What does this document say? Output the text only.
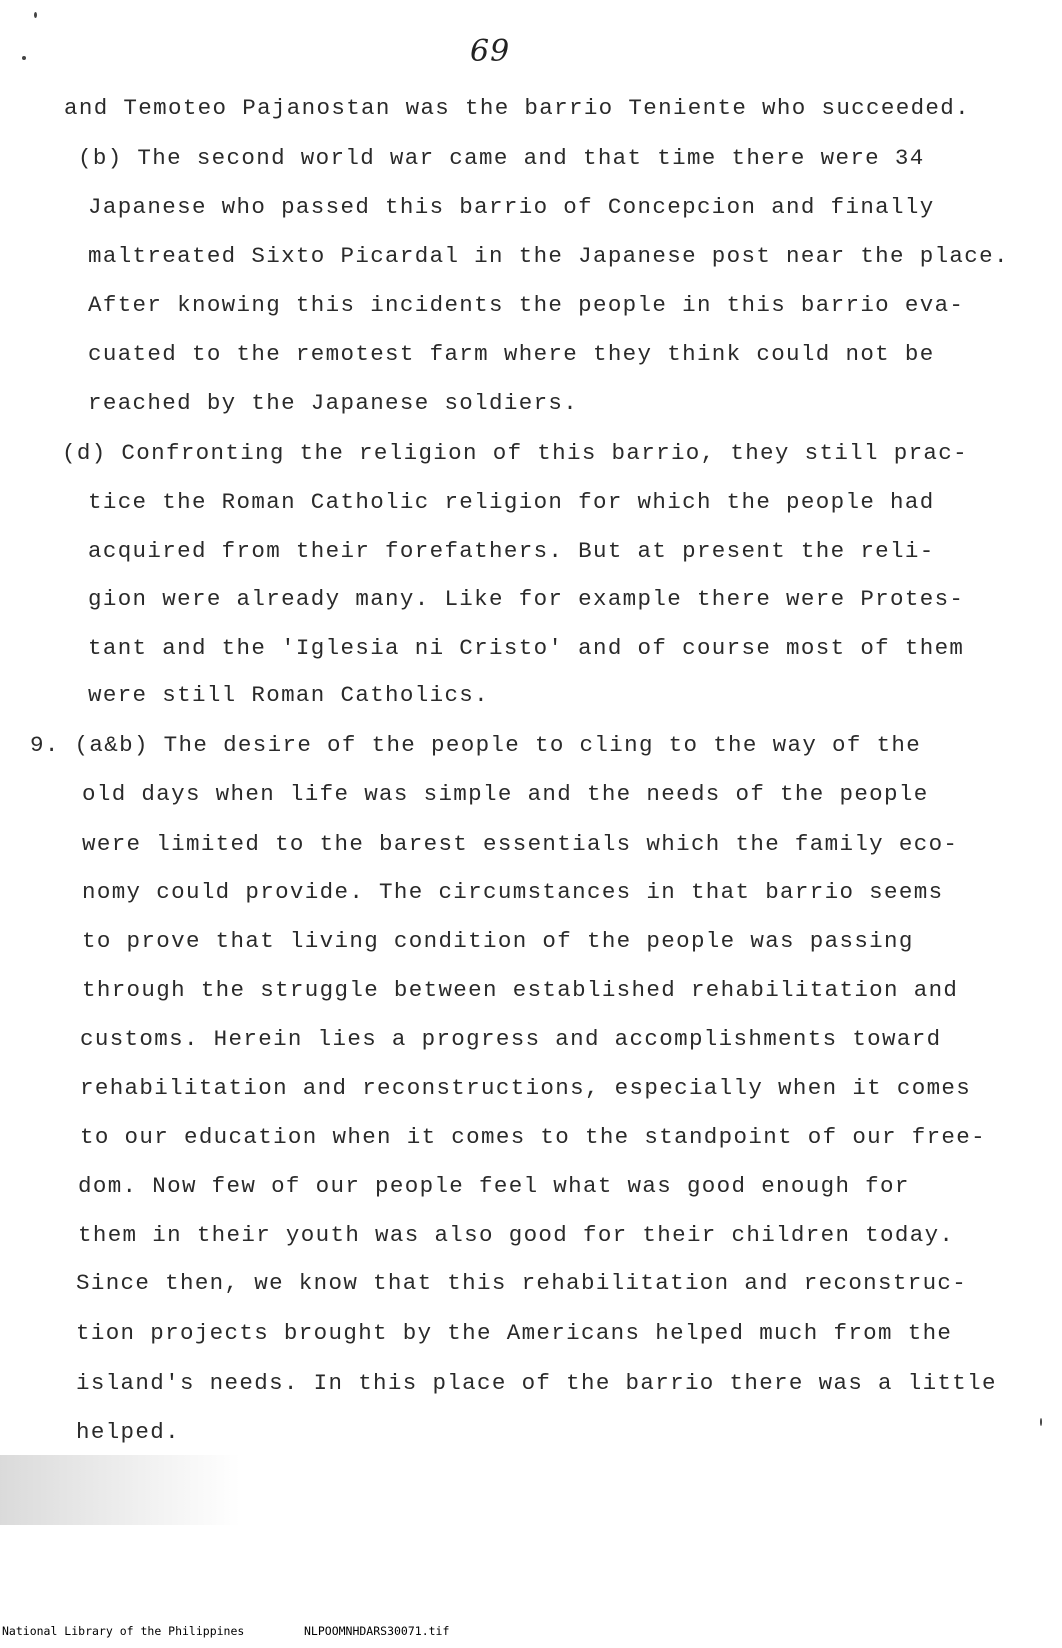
69
and Temoteo Pajanostan was the barrio Teniente who succeeded.
(b) The second world war came and that time there were 34
Japanese who passed this barrio of Concepcion and finally
maltreated Sixto Picardal in the Japanese post near the place.
After knowing this incidents the people in this barrio eva-
cuated to the remotest farm where they think could not be
reached by the Japanese soldiers.
(d) Confronting the religion of this barrio, they still prac-
tice the Roman Catholic religion for which the people had
acquired from their forefathers. But at present the reli-
gion were already many. Like for example there were Protes-
tant and the 'Iglesia ni Cristo' and of course most of them
were still Roman Catholics.
9. (a&b) The desire of the people to cling to the way of the
old days when life was simple and the needs of the people
were limited to the barest essentials which the family eco-
nomy could provide. The circumstances in that barrio seems
to prove that living condition of the people was passing
through the struggle between established rehabilitation and
customs. Herein lies a progress and accomplishments toward
rehabilitation and reconstructions, especially when it comes
to our education when it comes to the standpoint of our free-
dom. Now few of our people feel what was good enough for
them in their youth was also good for their children today.
Since then, we know that this rehabilitation and reconstruc-
tion projects brought by the Americans helped much from the
island's needs. In this place of the barrio there was a little
helped.
National Library of the Philippines	NLPOOMNHDARS30071.tif
